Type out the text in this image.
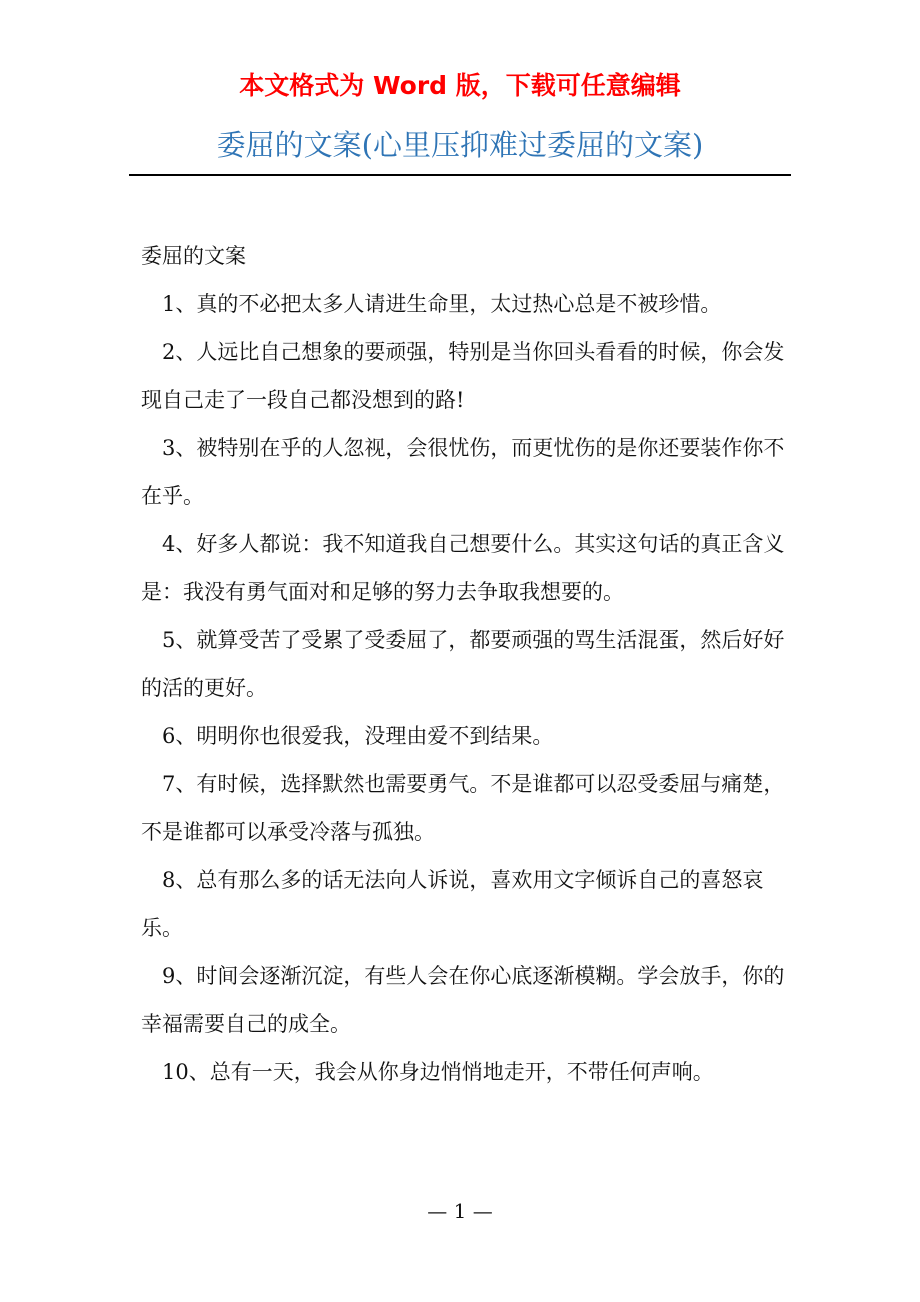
本文格式为 Word 版，下载可任意编辑
委屈的文案(心里压抑难过委屈的文案)

委屈的文案

1、真的不必把太多人请进生命里，太过热心总是不被珍惜。

2、人远比自己想象的要顽强，特别是当你回头看看的时候，你会发现自己走了一段自己都没想到的路!

3、被特别在乎的人忽视，会很忧伤，而更忧伤的是你还要装作你不在乎。

4、好多人都说：我不知道我自己想要什么。其实这句话的真正含义是：我没有勇气面对和足够的努力去争取我想要的。

5、就算受苦了受累了受委屈了，都要顽强的骂生活混蛋，然后好好的活的更好。

6、明明你也很爱我，没理由爱不到结果。

7、有时候，选择默然也需要勇气。不是谁都可以忍受委屈与痛楚，不是谁都可以承受冷落与孤独。

8、总有那么多的话无法向人诉说，喜欢用文字倾诉自己的喜怒哀乐。

9、时间会逐渐沉淀，有些人会在你心底逐渐模糊。学会放手，你的幸福需要自己的成全。

10、总有一天，我会从你身边悄悄地走开，不带任何声响。

— 1 —
